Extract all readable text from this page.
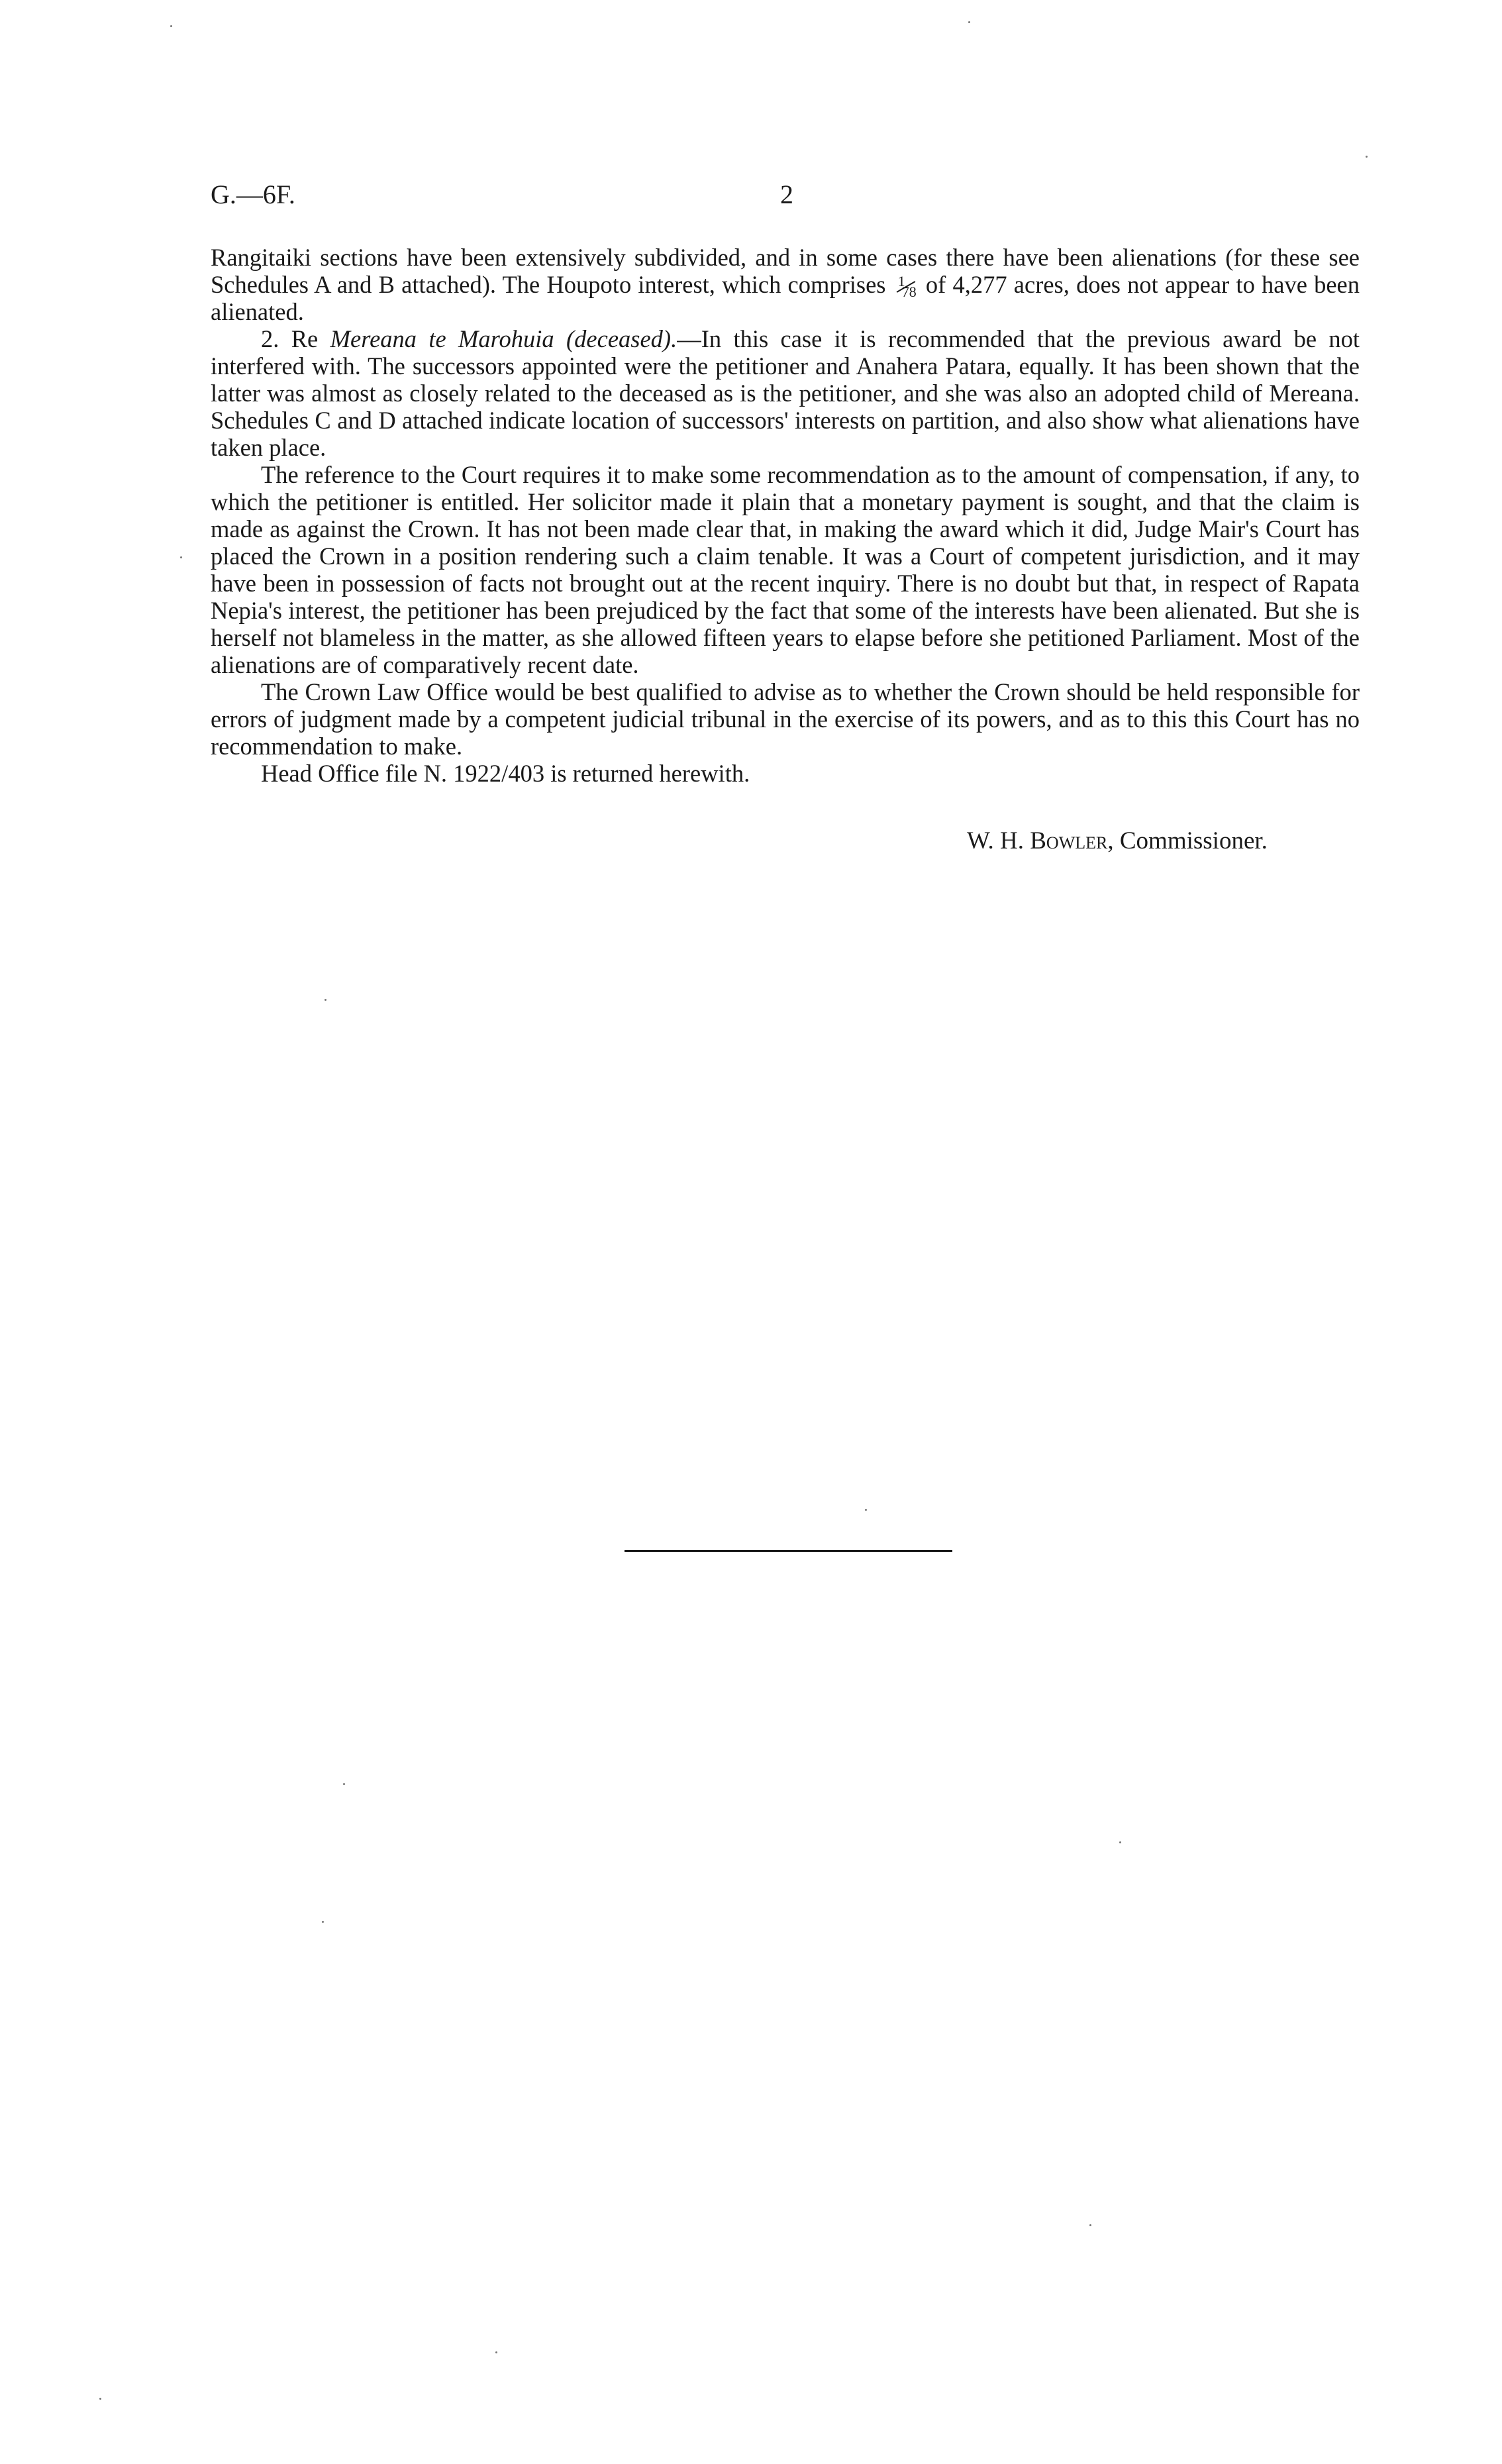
G.—6F.	2

Rangitaiki sections have been extensively subdivided, and in some cases there have been alienations (for these see Schedules A and B attached). The Houpoto interest, which comprises 1
78 of 4,277 acres, does not appear to have been alienated.

2. Re Mereana te Marohuia (deceased).—In this case it is recommended that the previous award be not interfered with. The successors appointed were the petitioner and Anahera Patara, equally. It has been shown that the latter was almost as closely related to the deceased as is the petitioner, and she was also an adopted child of Mereana. Schedules C and D attached indicate location of successors' interests on partition, and also show what alienations have taken place.

The reference to the Court requires it to make some recommendation as to the amount of compensation, if any, to which the petitioner is entitled. Her solicitor made it plain that a monetary payment is sought, and that the claim is made as against the Crown. It has not been made clear that, in making the award which it did, Judge Mair's Court has placed the Crown in a position rendering such a claim tenable. It was a Court of competent jurisdiction, and it may have been in possession of facts not brought out at the recent inquiry. There is no doubt but that, in respect of Rapata Nepia's interest, the petitioner has been prejudiced by the fact that some of the interests have been alienated. But she is herself not blameless in the matter, as she allowed fifteen years to elapse before she petitioned Parliament. Most of the alienations are of comparatively recent date.

The Crown Law Office would be best qualified to advise as to whether the Crown should be held responsible for errors of judgment made by a competent judicial tribunal in the exercise of its powers, and as to this this Court has no recommendation to make.

Head Office file N. 1922/403 is returned herewith.

W. H. Bowler, Commissioner.
